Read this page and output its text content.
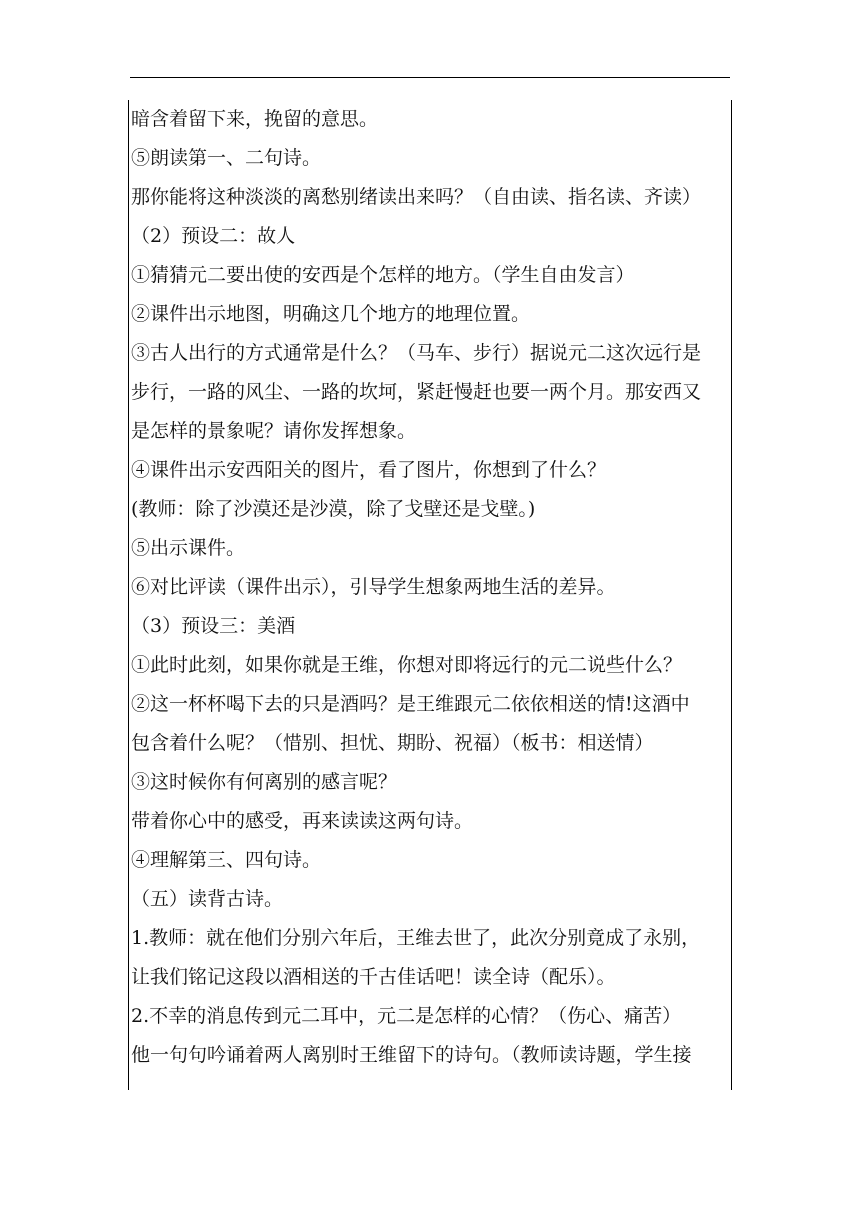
暗含着留下来，挽留的意思。
⑤朗读第一、二句诗。
那你能将这种淡淡的离愁别绪读出来吗？（自由读、指名读、齐读）
（2）预设二：故人
①猜猜元二要出使的安西是个怎样的地方。（学生自由发言）
②课件出示地图，明确这几个地方的地理位置。
③古人出行的方式通常是什么？（马车、步行）据说元二这次远行是
步行，一路的风尘、一路的坎坷，紧赶慢赶也要一两个月。那安西又
是怎样的景象呢？请你发挥想象。
④课件出示安西阳关的图片，看了图片，你想到了什么？
(教师：除了沙漠还是沙漠，除了戈壁还是戈壁。)
⑤出示课件。
⑥对比评读（课件出示），引导学生想象两地生活的差异。
（3）预设三：美酒
①此时此刻，如果你就是王维，你想对即将远行的元二说些什么？
②这一杯杯喝下去的只是酒吗？是王维跟元二依依相送的情!这酒中
包含着什么呢？（惜别、担忧、期盼、祝福）（板书：相送情）
③这时候你有何离别的感言呢？
带着你心中的感受，再来读读这两句诗。
④理解第三、四句诗。
（五）读背古诗。
1.教师：就在他们分别六年后，王维去世了，此次分别竟成了永别，
让我们铭记这段以酒相送的千古佳话吧！读全诗（配乐）。
2.不幸的消息传到元二耳中，元二是怎样的心情？（伤心、痛苦）
他一句句吟诵着两人离别时王维留下的诗句。（教师读诗题，学生接
